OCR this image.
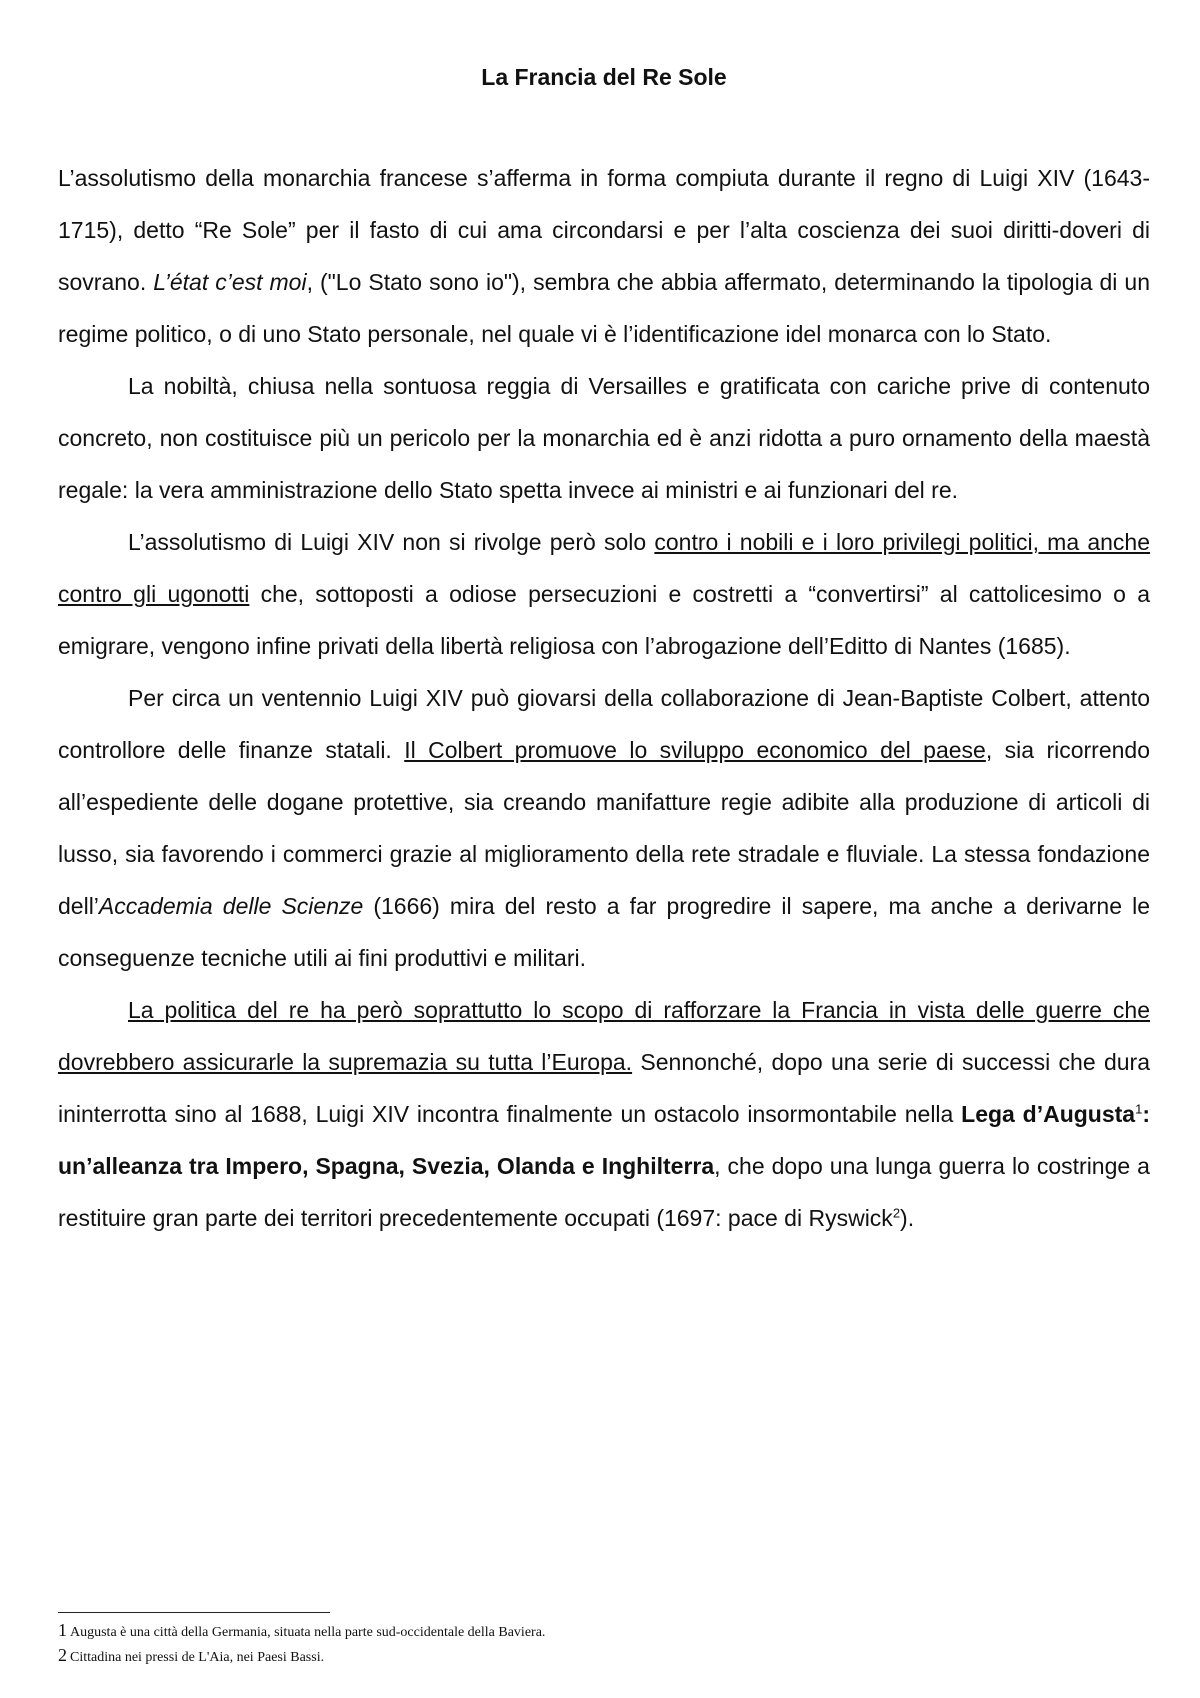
La Francia del Re Sole

L’assolutismo della monarchia francese s’afferma in forma compiuta durante il regno di Luigi XIV (1643-1715), detto “Re Sole” per il fasto di cui ama circondarsi e per l’alta coscienza dei suoi diritti-doveri di sovrano. L’état c’est moi, ("Lo Stato sono io"), sembra che abbia affermato, determinando la tipologia di un regime politico, o di uno Stato personale, nel quale vi è l’identificazione idel monarca con lo Stato.

La nobiltà, chiusa nella sontuosa reggia di Versailles e gratificata con cariche prive di contenuto concreto, non costituisce più un pericolo per la monarchia ed è anzi ridotta a puro ornamento della maestà regale: la vera amministrazione dello Stato spetta invece ai ministri e ai funzionari del re.

L’assolutismo di Luigi XIV non si rivolge però solo contro i nobili e i loro privilegi politici, ma anche contro gli ugonotti che, sottoposti a odiose persecuzioni e costretti a “convertirsi” al cattolicesimo o a emigrare, vengono infine privati della libertà religiosa con l’abrogazione dell’Editto di Nantes (1685).

Per circa un ventennio Luigi XIV può giovarsi della collaborazione di Jean-Baptiste Colbert, attento controllore delle finanze statali. Il Colbert promuove lo sviluppo economico del paese, sia ricorrendo all’espediente delle dogane protettive, sia creando manifatture regie adibite alla produzione di articoli di lusso, sia favorendo i commerci grazie al miglioramento della rete stradale e fluviale. La stessa fondazione dell’Accademia delle Scienze (1666) mira del resto a far progredire il sapere, ma anche a derivarne le conseguenze tecniche utili ai fini produttivi e militari.

La politica del re ha però soprattutto lo scopo di rafforzare la Francia in vista delle guerre che dovrebbero assicurarle la supremazia su tutta l’Europa. Sennonché, dopo una serie di successi che dura ininterrotta sino al 1688, Luigi XIV incontra finalmente un ostacolo insormontabile nella Lega d’Augusta$^1$: un’alleanza tra Impero, Spagna, Svezia, Olanda e Inghilterra, che dopo una lunga guerra lo costringe a restituire gran parte dei territori precedentemente occupati (1697: pace di Ryswick$^2$).

1 Augusta è una città della Germania, situata nella parte sud-occidentale della Baviera.
2 Cittadina nei pressi de L'Aia, nei Paesi Bassi.
